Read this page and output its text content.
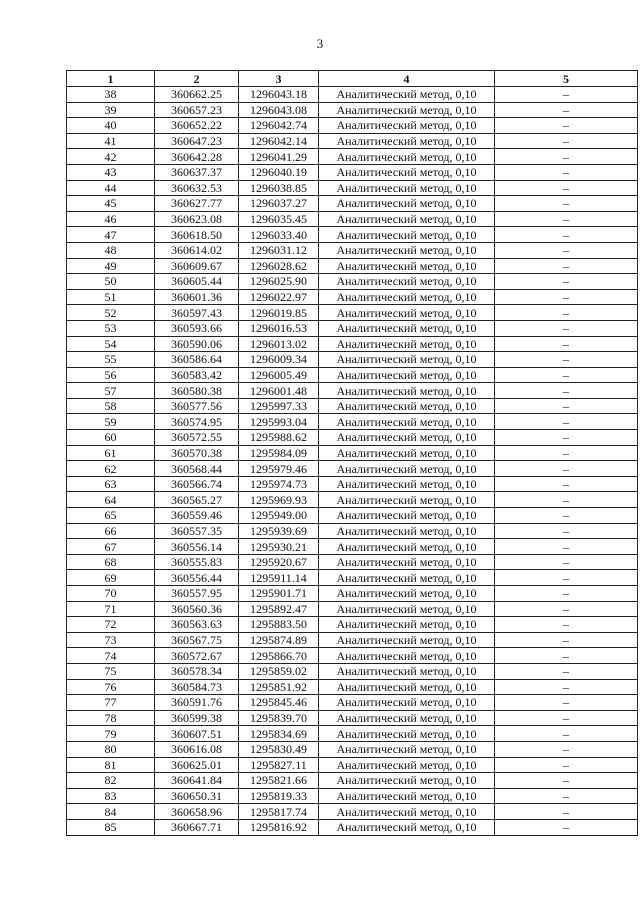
3
1	2	3	4	5
38	360662.25	1296043.18	Аналитический метод, 0,10	–
39	360657.23	1296043.08	Аналитический метод, 0,10	–
40	360652.22	1296042.74	Аналитический метод, 0,10	–
41	360647.23	1296042.14	Аналитический метод, 0,10	–
42	360642.28	1296041.29	Аналитический метод, 0,10	–
43	360637.37	1296040.19	Аналитический метод, 0,10	–
44	360632.53	1296038.85	Аналитический метод, 0,10	–
45	360627.77	1296037.27	Аналитический метод, 0,10	–
46	360623.08	1296035.45	Аналитический метод, 0,10	–
47	360618.50	1296033.40	Аналитический метод, 0,10	–
48	360614.02	1296031.12	Аналитический метод, 0,10	–
49	360609.67	1296028.62	Аналитический метод, 0,10	–
50	360605.44	1296025.90	Аналитический метод, 0,10	–
51	360601.36	1296022.97	Аналитический метод, 0,10	–
52	360597.43	1296019.85	Аналитический метод, 0,10	–
53	360593.66	1296016.53	Аналитический метод, 0,10	–
54	360590.06	1296013.02	Аналитический метод, 0,10	–
55	360586.64	1296009.34	Аналитический метод, 0,10	–
56	360583.42	1296005.49	Аналитический метод, 0,10	–
57	360580.38	1296001.48	Аналитический метод, 0,10	–
58	360577.56	1295997.33	Аналитический метод, 0,10	–
59	360574.95	1295993.04	Аналитический метод, 0,10	–
60	360572.55	1295988.62	Аналитический метод, 0,10	–
61	360570.38	1295984.09	Аналитический метод, 0,10	–
62	360568.44	1295979.46	Аналитический метод, 0,10	–
63	360566.74	1295974.73	Аналитический метод, 0,10	–
64	360565.27	1295969.93	Аналитический метод, 0,10	–
65	360559.46	1295949.00	Аналитический метод, 0,10	–
66	360557.35	1295939.69	Аналитический метод, 0,10	–
67	360556.14	1295930.21	Аналитический метод, 0,10	–
68	360555.83	1295920.67	Аналитический метод, 0,10	–
69	360556.44	1295911.14	Аналитический метод, 0,10	–
70	360557.95	1295901.71	Аналитический метод, 0,10	–
71	360560.36	1295892.47	Аналитический метод, 0,10	–
72	360563.63	1295883.50	Аналитический метод, 0,10	–
73	360567.75	1295874.89	Аналитический метод, 0,10	–
74	360572.67	1295866.70	Аналитический метод, 0,10	–
75	360578.34	1295859.02	Аналитический метод, 0,10	–
76	360584.73	1295851.92	Аналитический метод, 0,10	–
77	360591.76	1295845.46	Аналитический метод, 0,10	–
78	360599.38	1295839.70	Аналитический метод, 0,10	–
79	360607.51	1295834.69	Аналитический метод, 0,10	–
80	360616.08	1295830.49	Аналитический метод, 0,10	–
81	360625.01	1295827.11	Аналитический метод, 0,10	–
82	360641.84	1295821.66	Аналитический метод, 0,10	–
83	360650.31	1295819.33	Аналитический метод, 0,10	–
84	360658.96	1295817.74	Аналитический метод, 0,10	–
85	360667.71	1295816.92	Аналитический метод, 0,10	–
